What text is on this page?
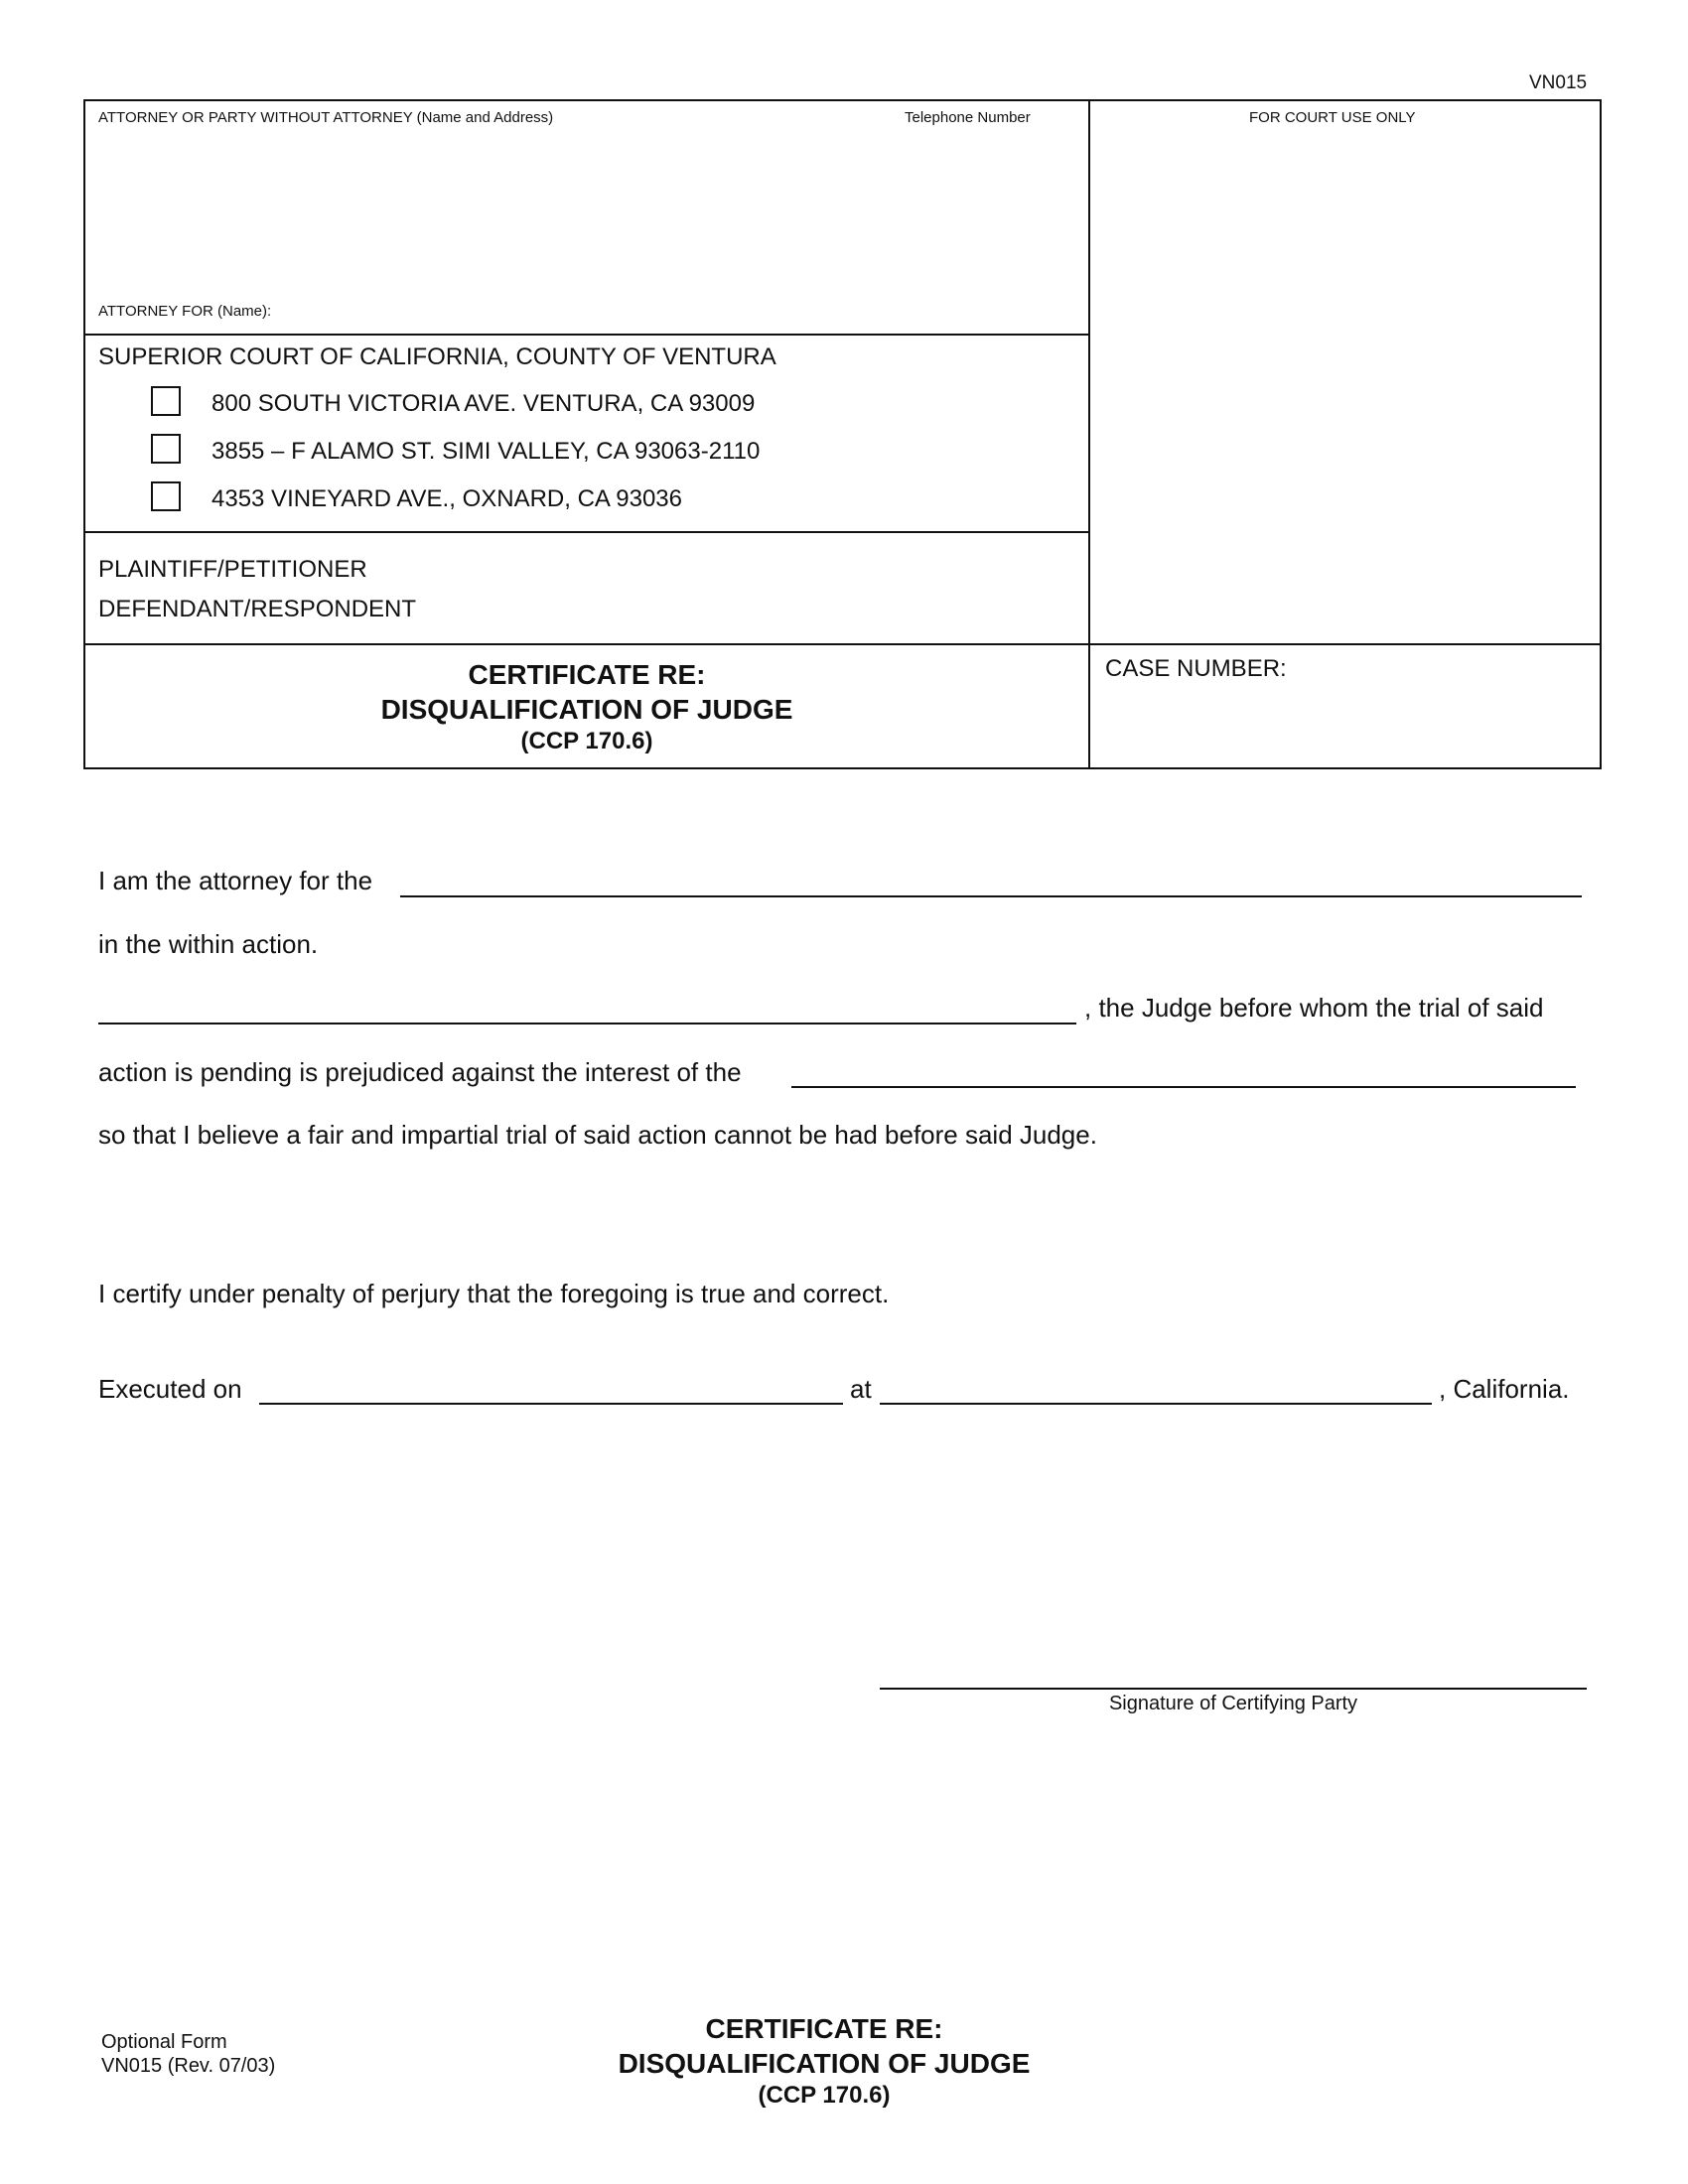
VN015
ATTORNEY OR PARTY WITHOUT ATTORNEY (Name and Address)	Telephone Number	FOR COURT USE ONLY
ATTORNEY FOR (Name):
SUPERIOR COURT OF CALIFORNIA, COUNTY OF VENTURA
800 SOUTH VICTORIA AVE. VENTURA, CA 93009
3855 – F ALAMO ST. SIMI VALLEY, CA 93063-2110
4353 VINEYARD AVE., OXNARD, CA 93036
PLAINTIFF/PETITIONER
DEFENDANT/RESPONDENT
CERTIFICATE RE:
DISQUALIFICATION OF JUDGE
(CCP 170.6)
CASE NUMBER:
I am the attorney for the
in the within action.
, the Judge before whom the trial of said
action is pending is prejudiced against the interest of the
so that I believe a fair and impartial trial of said action cannot be had before said Judge.
I certify under penalty of perjury that the foregoing is true and correct.
Executed on	at	, California.
Signature of Certifying Party
Optional Form
VN015 (Rev. 07/03)
CERTIFICATE RE:
DISQUALIFICATION OF JUDGE
(CCP 170.6)
